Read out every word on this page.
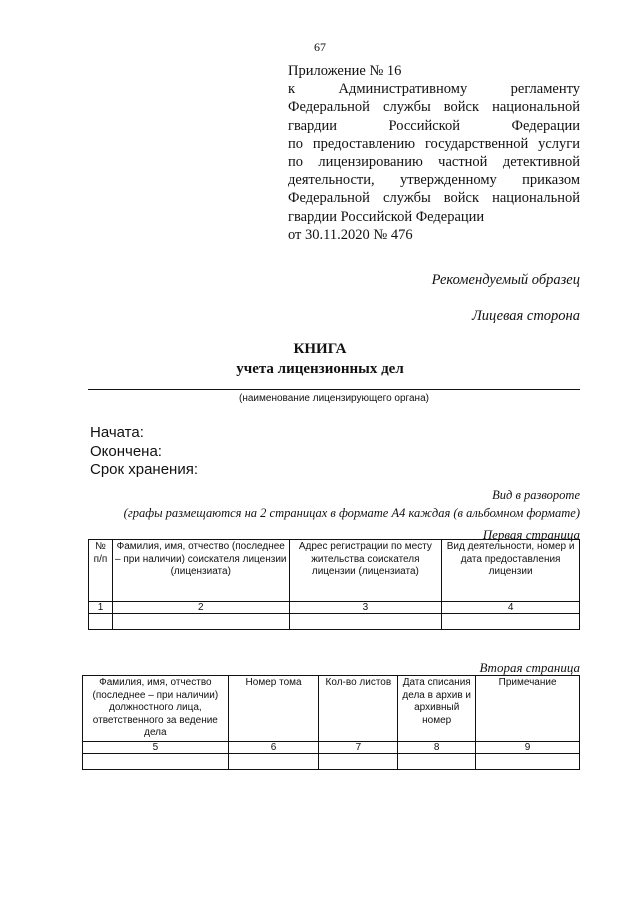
67
Приложение № 16
к Административному регламенту
Федеральной службы войск национальной
гвардии Российской Федерации
по предоставлению государственной услуги
по лицензированию частной детективной
деятельности, утвержденному приказом
Федеральной службы войск национальной
гвардии Российской Федерации
от 30.11.2020 № 476
Рекомендуемый образец
Лицевая сторона
КНИГА
учета лицензионных дел
(наименование лицензирующего органа)
Начата:
Окончена:
Срок хранения:
Вид в развороте
(графы размещаются на 2 страницах в формате А4 каждая (в альбомном формате)
Первая страница
№ п/п	Фамилия, имя, отчество (последнее – при наличии) соискателя лицензии (лицензиата)	Адрес регистрации по месту жительства соискателя лицензии (лицензиата)	Вид деятельности, номер и дата предоставления лицензии
1	2	3	4

Вторая страница
Фамилия, имя, отчество (последнее – при наличии) должностного лица, ответственного за ведение дела	Номер тома	Кол-во листов	Дата списания дела в архив и архивный номер	Примечание
5	6	7	8	9
